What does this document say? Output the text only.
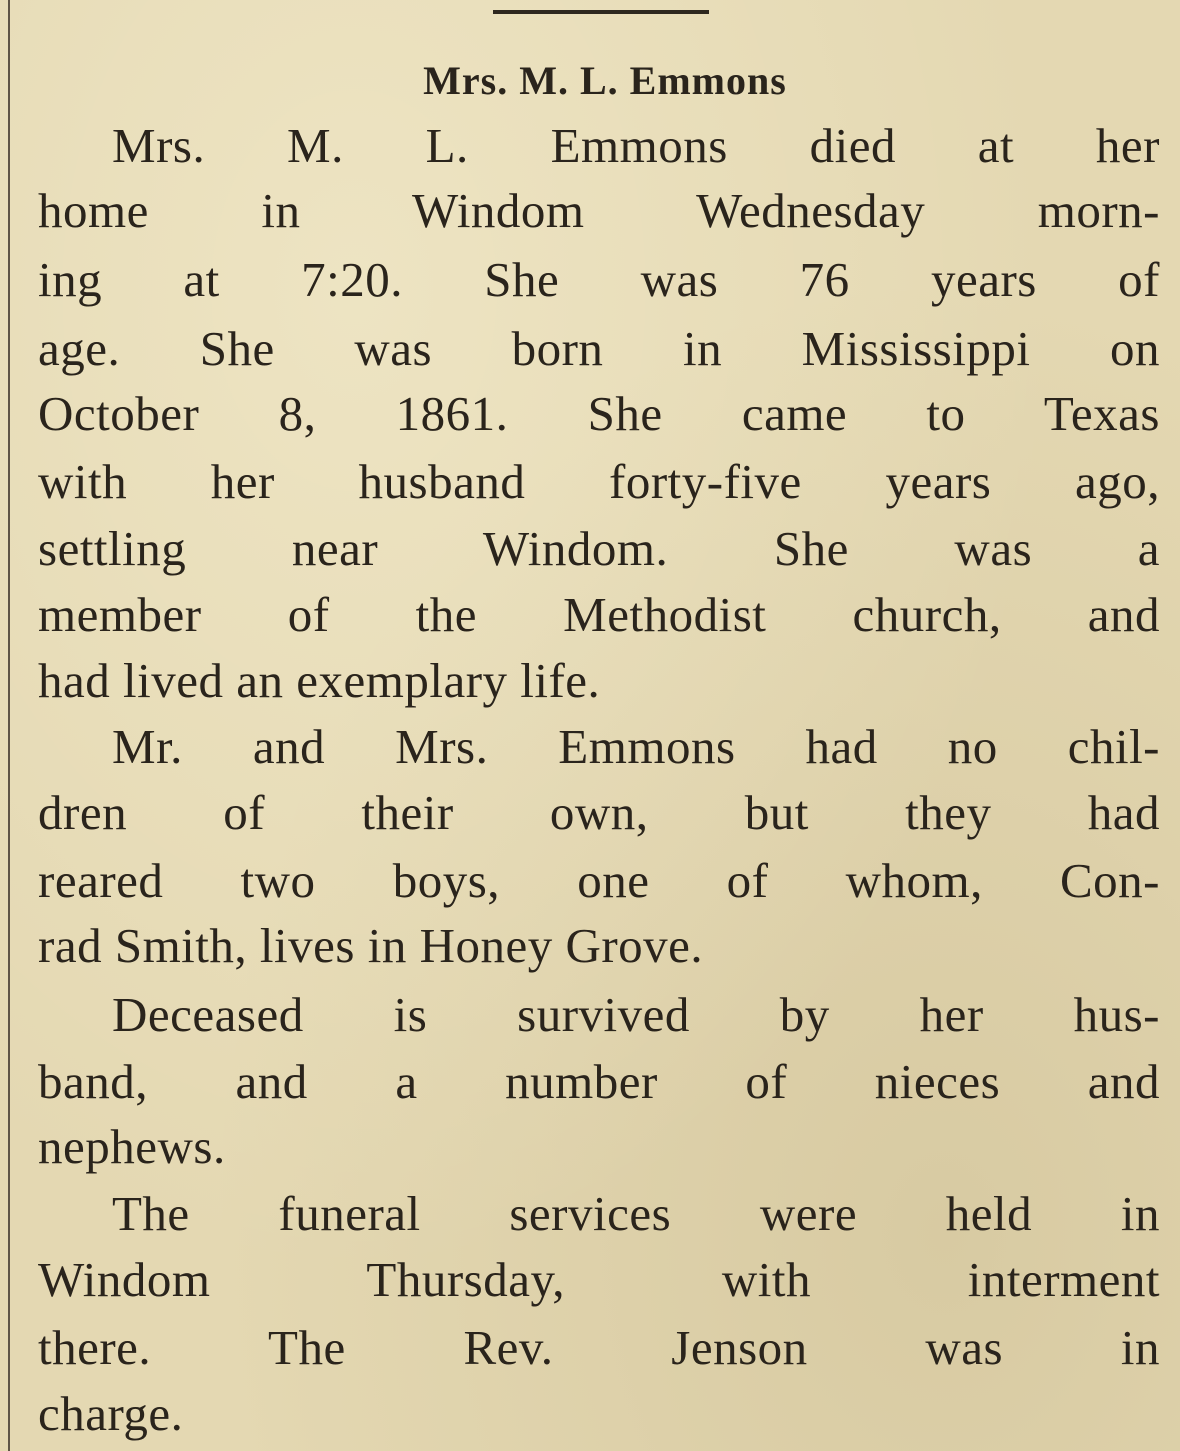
Mrs. M. L. Emmons
Mrs. M. L. Emmons died at her
home in Windom Wednesday morn-
ing at 7:20. She was 76 years of
age. She was born in Mississippi on
October 8, 1861. She came to Texas
with her husband forty-five years ago,
settling near Windom. She was a
member of the Methodist church, and
had lived an exemplary life.
Mr. and Mrs. Emmons had no chil-
dren of their own, but they had
reared two boys, one of whom, Con-
rad Smith, lives in Honey Grove.
Deceased is survived by her hus-
band, and a number of nieces and
nephews.
The funeral services were held in
Windom Thursday, with interment
there. The Rev. Jenson was in
charge.
